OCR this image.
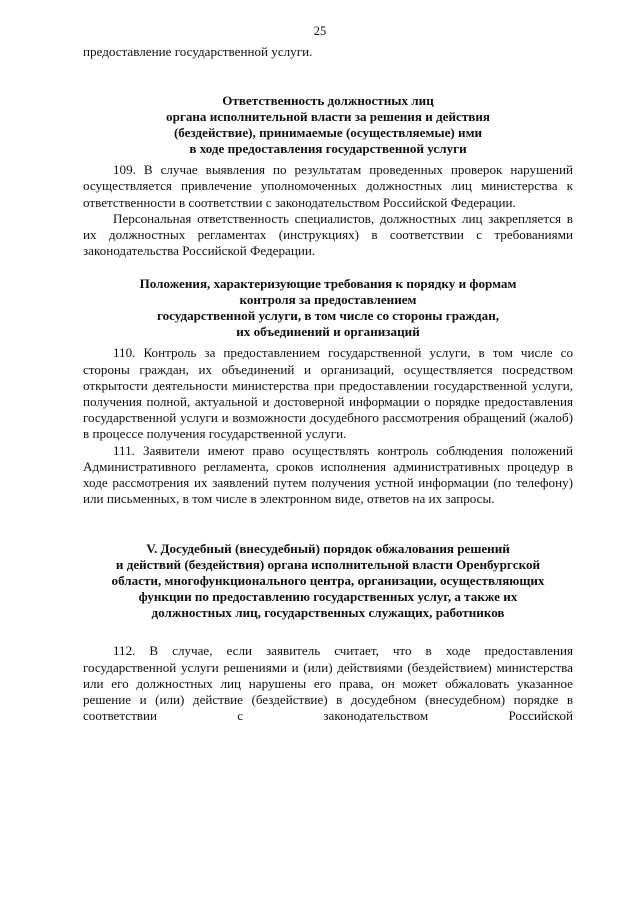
25

предоставление государственной услуги.

Ответственность должностных лиц
органа исполнительной власти за решения и действия
(бездействие), принимаемые (осуществляемые) ими
в ходе предоставления государственной услуги

109. В случае выявления по результатам проведенных проверок нарушений осуществляется привлечение уполномоченных должностных лиц министерства к ответственности в соответствии с законодательством Российской Федерации.

Персональная ответственность специалистов, должностных лиц закрепляется в их должностных регламентах (инструкциях) в соответствии с требованиями законодательства Российской Федерации.

Положения, характеризующие требования к порядку и формам
контроля за предоставлением
государственной услуги, в том числе со стороны граждан,
их объединений и организаций

110. Контроль за предоставлением государственной услуги, в том числе со стороны граждан, их объединений и организаций, осуществляется посредством открытости деятельности министерства при предоставлении государственной услуги, получения полной, актуальной и достоверной информации о порядке предоставления государственной услуги и возможности досудебного рассмотрения обращений (жалоб) в процессе получения государственной услуги.

111. Заявители имеют право осуществлять контроль соблюдения положений Административного регламента, сроков исполнения административных процедур в ходе рассмотрения их заявлений путем получения устной информации (по телефону) или письменных, в том числе в электронном виде, ответов на их запросы.

V. Досудебный (внесудебный) порядок обжалования решений
и действий (бездействия) органа исполнительной власти Оренбургской
области, многофункционального центра, организации, осуществляющих
функции по предоставлению государственных услуг, а также их
должностных лиц, государственных служащих, работников

112. В случае, если заявитель считает, что в ходе предоставления государственной услуги решениями и (или) действиями (бездействием) министерства или его должностных лиц нарушены его права, он может обжаловать указанное решение и (или) действие (бездействие) в досудебном (внесудебном) порядке в соответствии с законодательством Российской
